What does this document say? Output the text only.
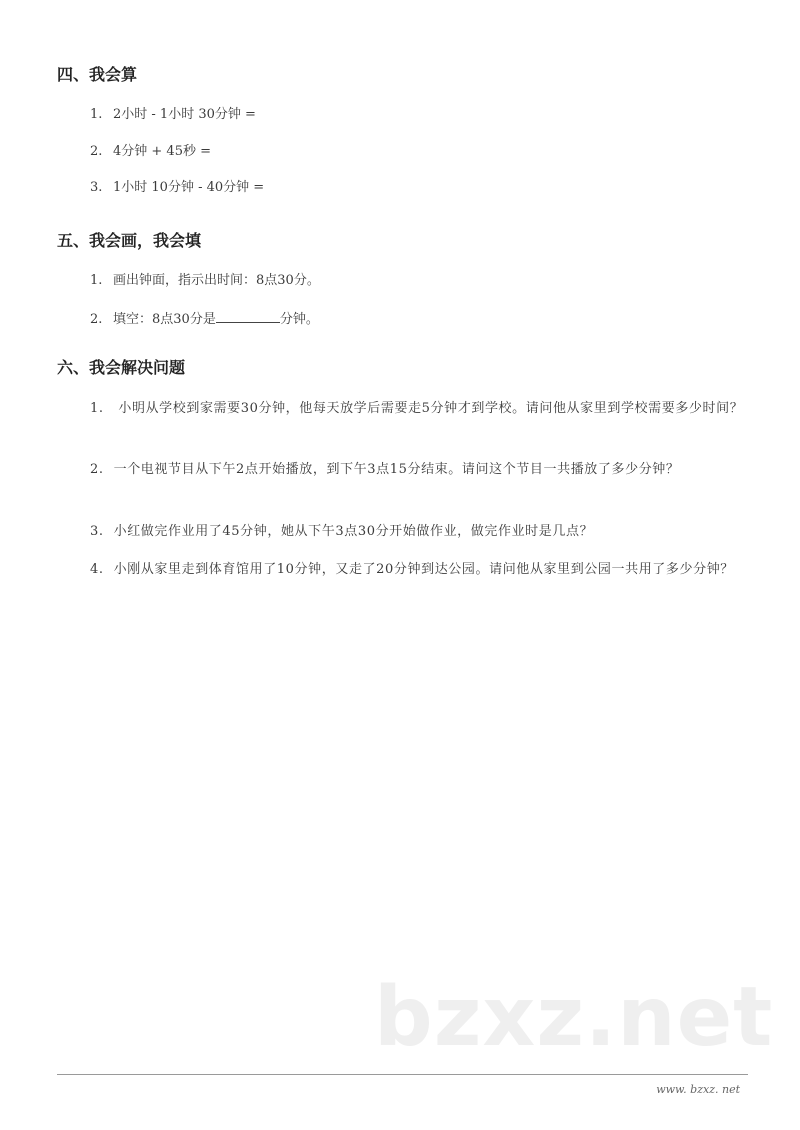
四、我会算
1. 2小时 - 1小时 30分钟 =
2. 4分钟 + 45秒 =
3. 1小时 10分钟 - 40分钟 =
五、我会画，我会填
1. 画出钟面，指示出时间：8点30分。
2. 填空：8点30分是	分钟。
六、我会解决问题
1. 小明从学校到家需要30分钟，他每天放学后需要走5分钟才到学校。请问他从家里到学校需要多少时间？
2. 一个电视节目从下午2点开始播放，到下午3点15分结束。请问这个节目一共播放了多少分钟？
3. 小红做完作业用了45分钟，她从下午3点30分开始做作业，做完作业时是几点？
4. 小刚从家里走到体育馆用了10分钟，又走了20分钟到达公园。请问他从家里到公园一共用了多少分钟？
bzxz.net
www. bzxz. net
